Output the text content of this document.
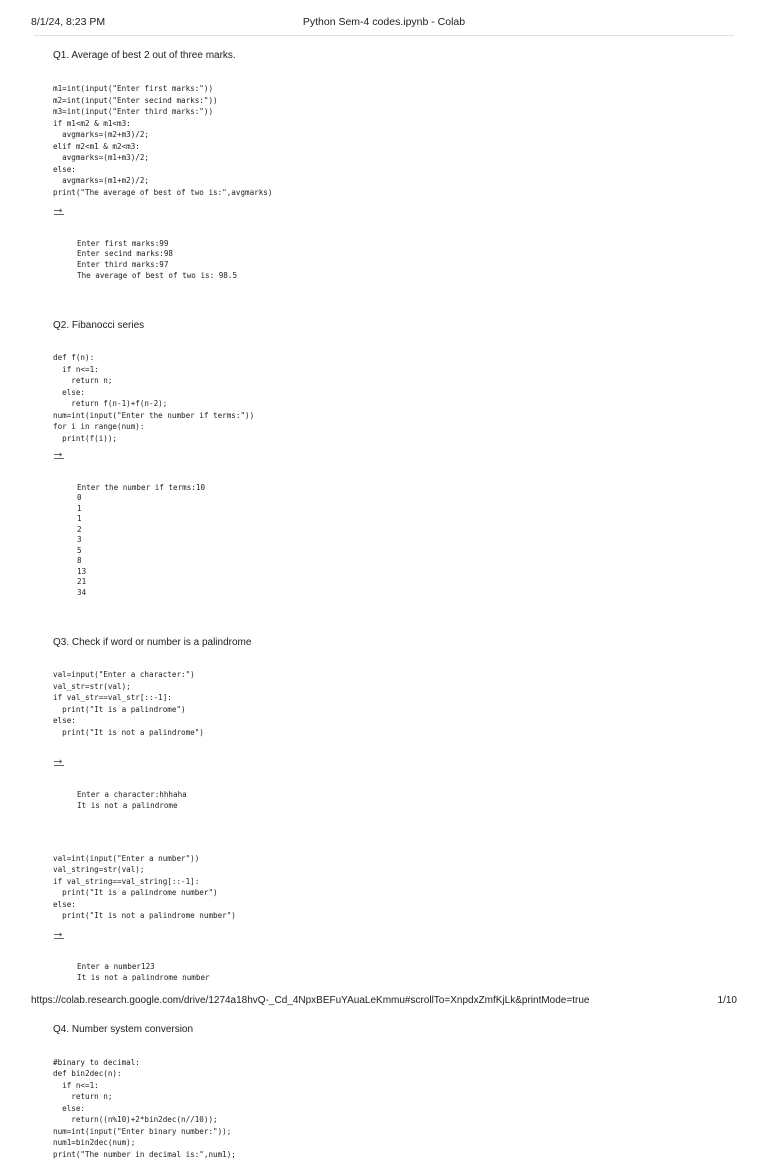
8/1/24, 8:23 PM	Python Sem-4 codes.ipynb - Colab
Q1. Average of best 2 out of three marks.
m1=int(input("Enter first marks:"))
m2=int(input("Enter secind marks:"))
m3=int(input("Enter third marks:"))
if m1<m2 & m1<m3:
avgmarks=(m2+m3)/2;
elif m2<m1 & m2<m3:
avgmarks=(m1+m3)/2;
else:
avgmarks=(m1+m2)/2;
print("The average of best of two is:",avgmarks)

Enter first marks:99
Enter secind marks:98
Enter third marks:97
The average of best of two is: 98.5

Q2. Fibanocci series
def f(n):
if n<=1:
return n;
else:
return f(n-1)+f(n-2);
num=int(input("Enter the number if terms:"))
for i in range(num):
print(f(i));

Enter the number if terms:10
0
1
1
2
3
5
8
13
21
34

Q3. Check if word or number is a palindrome
val=input("Enter a character:")
val_str=str(val);
if val_str==val_str[::-1]:
print("It is a palindrome")
else:
print("It is not a palindrome")

Enter a character:hhhaha
It is not a palindrome

val=int(input("Enter a number"))
val_string=str(val);
if val_string==val_string[::-1]:
print("It is a palindrome number")
else:
print("It is not a palindrome number")

Enter a number123
It is not a palindrome number

Q4. Number system conversion
#binary to decimal:
def bin2dec(n):
if n<=1:
return n;
else:
return((n%10)+2*bin2dec(n//10));
num=int(input("Enter binary number:"));
num1=bin2dec(num);
print("The number in decimal is:",num1);
https://colab.research.google.com/drive/1274a18hvQ-_Cd_4NpxBEFuYAuaLeKmmu#scrollTo=XnpdxZmfKjLk&printMode=true	1/10
